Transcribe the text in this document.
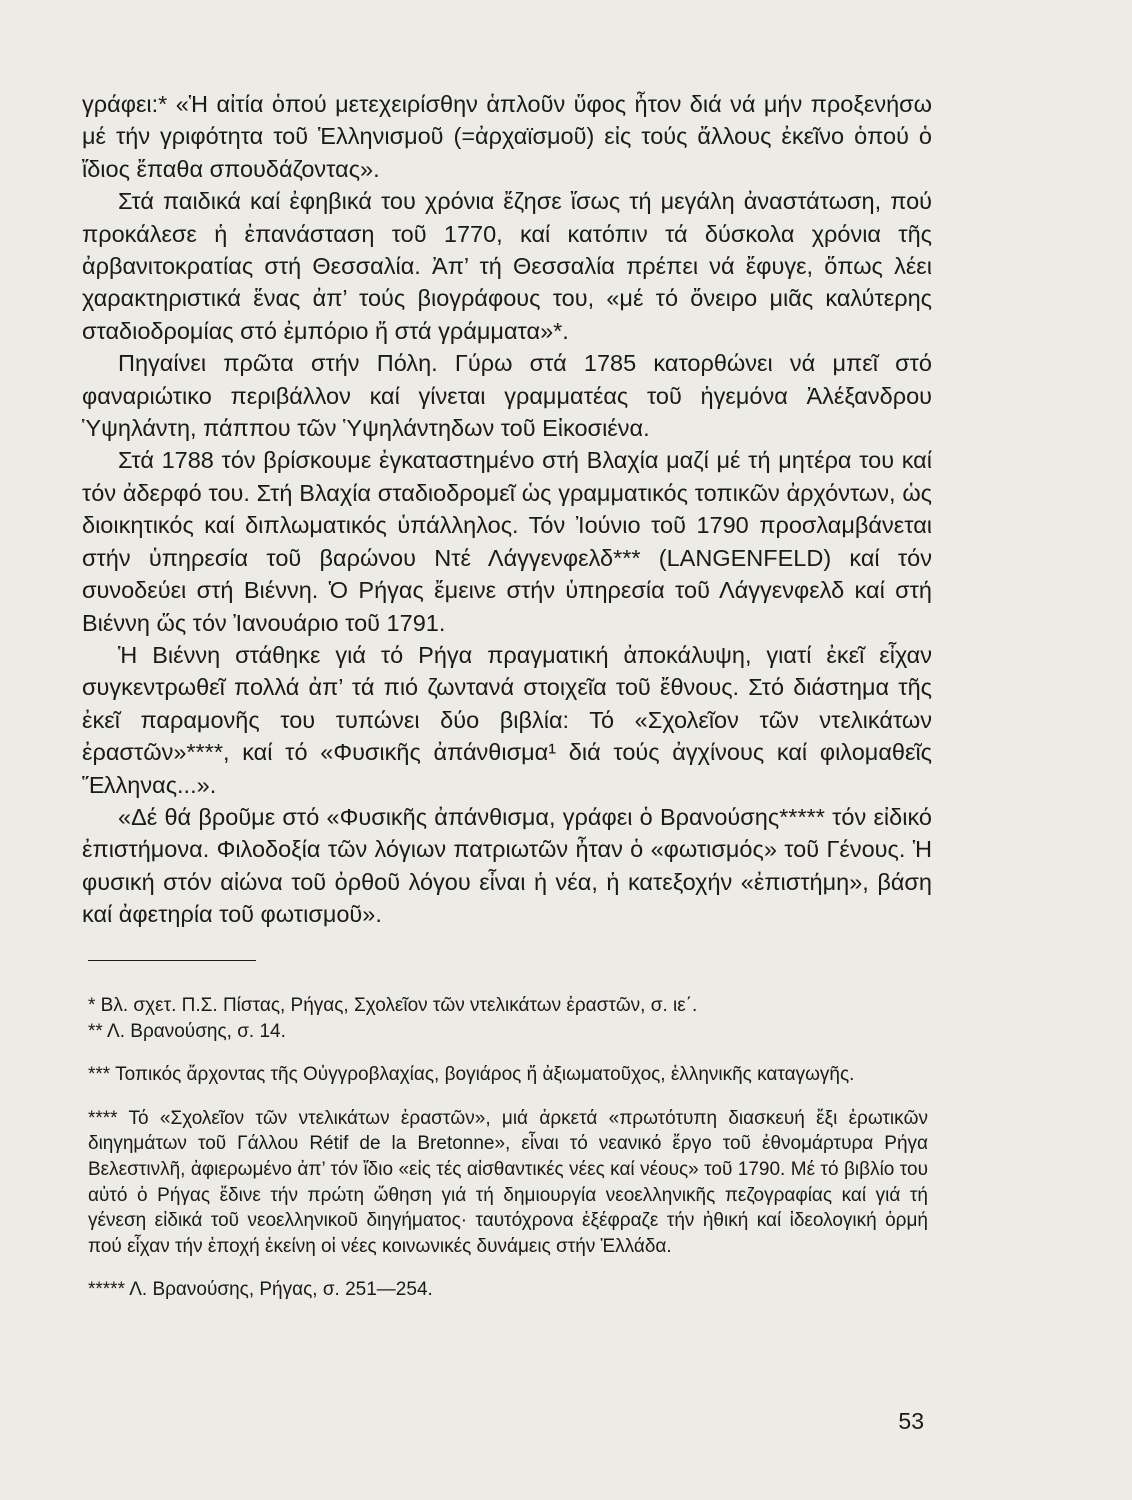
γράφει:* «Ἡ αἰτία ὁπού μετεχειρίσθην ἁπλοῦν ὕφος ἦτον διά νά μήν προξενήσω μέ τήν γριφότητα τοῦ Ἑλληνισμοῦ (=ἀρχαϊσμοῦ) εἰς τούς ἄλλους ἐκεῖνο ὁπού ὁ ἴδιος ἔπαθα σπουδάζοντας».

Στά παιδικά καί ἐφηβικά του χρόνια ἔζησε ἴσως τή μεγάλη ἀναστάτωση, πού προκάλεσε ἡ ἐπανάσταση τοῦ 1770, καί κατόπιν τά δύσκολα χρόνια τῆς ἀρβανιτοκρατίας στή Θεσσαλία. Ἀπ’ τή Θεσσαλία πρέπει νά ἔφυγε, ὅπως λέει χαρακτηριστικά ἕνας ἀπ’ τούς βιογράφους του, «μέ τό ὄνειρο μιᾶς καλύτερης σταδιοδρομίας στό ἐμπόριο ἤ στά γράμματα»*.

Πηγαίνει πρῶτα στήν Πόλη. Γύρω στά 1785 κατορθώνει νά μπεῖ στό φαναριώτικο περιβάλλον καί γίνεται γραμματέας τοῦ ἡγεμόνα Ἀλέξανδρου Ὑψηλάντη, πάππου τῶν Ὑψηλάντηδων τοῦ Εἰκοσιένα.

Στά 1788 τόν βρίσκουμε ἐγκαταστημένο στή Βλαχία μαζί μέ τή μητέρα του καί τόν ἀδερφό του. Στή Βλαχία σταδιοδρομεῖ ὡς γραμματικός τοπικῶν ἀρχόντων, ὡς διοικητικός καί διπλωματικός ὑπάλληλος. Τόν Ἰούνιο τοῦ 1790 προσλαμβάνεται στήν ὑπηρεσία τοῦ βαρώνου Ντέ Λάγγενφελδ*** (LANGENFELD) καί τόν συνοδεύει στή Βιέννη. Ὁ Ρήγας ἔμεινε στήν ὑπηρεσία τοῦ Λάγγενφελδ καί στή Βιέννη ὥς τόν Ἰανουάριο τοῦ 1791.

Ἡ Βιέννη στάθηκε γιά τό Ρήγα πραγματική ἀποκάλυψη, γιατί ἐκεῖ εἶχαν συγκεντρωθεῖ πολλά ἀπ’ τά πιό ζωντανά στοιχεῖα τοῦ ἔθνους. Στό διάστημα τῆς ἐκεῖ παραμονῆς του τυπώνει δύο βιβλία: Τό «Σχολεῖον τῶν ντελικάτων ἐραστῶν»****, καί τό «Φυσικῆς ἀπάνθισμα¹ διά τούς ἀγχίνους καί φιλομαθεῖς Ἕλληνας...».

«Δέ θά βροῦμε στό «Φυσικῆς ἀπάνθισμα, γράφει ὁ Βρανούσης***** τόν εἰδικό ἐπιστήμονα. Φιλοδοξία τῶν λόγιων πατριωτῶν ἦταν ὁ «φωτισμός» τοῦ Γένους. Ἡ φυσική στόν αἰώνα τοῦ ὀρθοῦ λόγου εἶναι ἡ νέα, ἡ κατεξοχήν «ἐπιστήμη», βάση καί ἀφετηρία τοῦ φωτισμοῦ».

* Βλ. σχετ. Π.Σ. Πίστας, Ρήγας, Σχολεῖον τῶν ντελικάτων ἐραστῶν, σ. ιε΄.

** Λ. Βρανούσης, σ. 14.

*** Τοπικός ἄρχοντας τῆς Οὐγγροβλαχίας, βογιάρος ἤ ἀξιωματοῦχος, ἑλληνικῆς καταγωγῆς.

**** Τό «Σχολεῖον τῶν ντελικάτων ἐραστῶν», μιά ἀρκετά «πρωτότυπη διασκευή ἔξι ἐρωτικῶν διηγημάτων τοῦ Γάλλου Rétif de la Bretonne», εἶναι τό νεανικό ἔργο τοῦ ἐθνομάρτυρα Ρήγα Βελεστινλῆ, ἀφιερωμένο ἀπ’ τόν ἴδιο «εἰς τές αἰσθαντικές νέες καί νέους» τοῦ 1790. Μέ τό βιβλίο του αὐτό ὁ Ρήγας ἔδινε τήν πρώτη ὤθηση γιά τή δημιουργία νεοελληνικῆς πεζογραφίας καί γιά τή γένεση εἰδικά τοῦ νεοελληνικοῦ διηγήματος· ταυτόχρονα ἐξέφραζε τήν ἠθική καί ἰδεολογική ὁρμή πού εἶχαν τήν ἐποχή ἐκείνη οἱ νέες κοινωνικές δυνάμεις στήν Ἑλλάδα.

***** Λ. Βρανούσης, Ρήγας, σ. 251—254.

53
